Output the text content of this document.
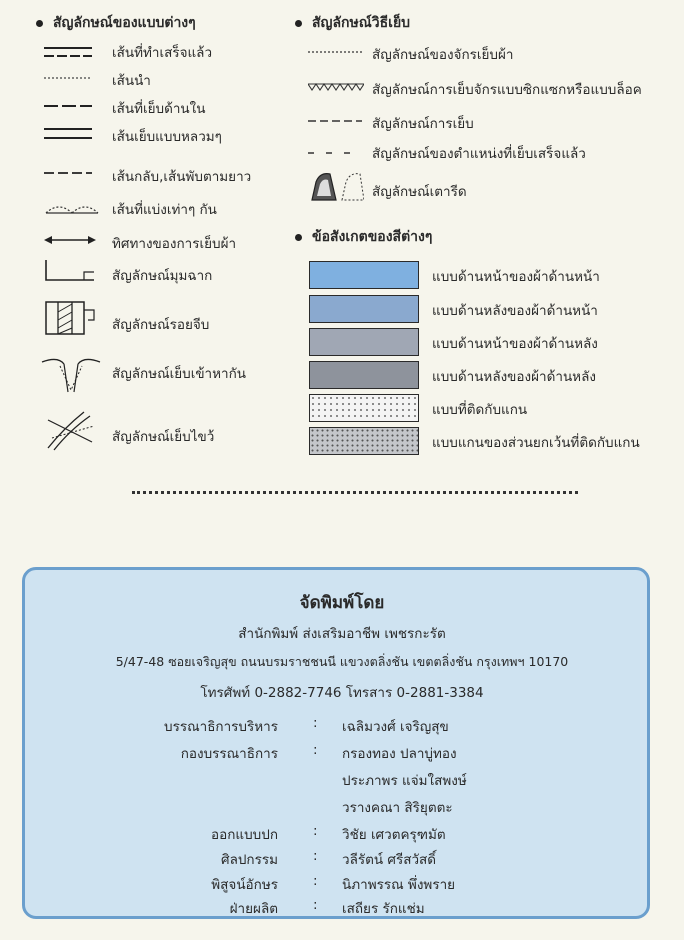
สัญลักษณ์ของแบบต่างๆ
เส้นที่ทำเสร็จแล้ว
เส้นนำ
เส้นที่เย็บด้านใน
เส้นเย็บแบบหลวมๆ
เส้นกลับ,เส้นพับตามยาว
เส้นที่แบ่งเท่าๆ กัน
ทิศทางของการเย็บผ้า
สัญลักษณ์มุมฉาก
สัญลักษณ์รอยจีบ
สัญลักษณ์เย็บเข้าหากัน
สัญลักษณ์เย็บไขว้
สัญลักษณ์วิธีเย็บ
สัญลักษณ์ของจักรเย็บผ้า
สัญลักษณ์การเย็บจักรแบบซิกแซกหรือแบบล็อค
สัญลักษณ์การเย็บ
สัญลักษณ์ของตำแหน่งที่เย็บเสร็จแล้ว
สัญลักษณ์เตารีด
ข้อสังเกตของสีต่างๆ
แบบด้านหน้าของผ้าด้านหน้า
แบบด้านหลังของผ้าด้านหน้า
แบบด้านหน้าของผ้าด้านหลัง
แบบด้านหลังของผ้าด้านหลัง
แบบที่ติดกับแกน
แบบแกนของส่วนยกเว้นที่ติดกับแกน
จัดพิมพ์โดย
สำนักพิมพ์ ส่งเสริมอาชีพ เพชรกะรัต
5/47-48 ซอยเจริญสุข ถนนบรมราชชนนี แขวงตลิ่งชัน เขตตลิ่งชัน กรุงเทพฯ 10170
โทรศัพท์ 0-2882-7746 โทรสาร 0-2881-3384
บรรณาธิการบริหาร	: เฉลิมวงศ์ เจริญสุข
กองบรรณาธิการ	: กรองทอง ปลาบู่ทอง
ประภาพร แจ่มใสพงษ์
วรางคณา สิริยุตตะ
ออกแบบปก	: วิชัย เศวตครุฑมัต
ศิลปกรรม	: วลีรัตน์ ศรีสวัสดิ์
พิสูจน์อักษร	: นิภาพรรณ พึ่งพราย
ฝ่ายผลิต	: เสถียร รักแช่ม
